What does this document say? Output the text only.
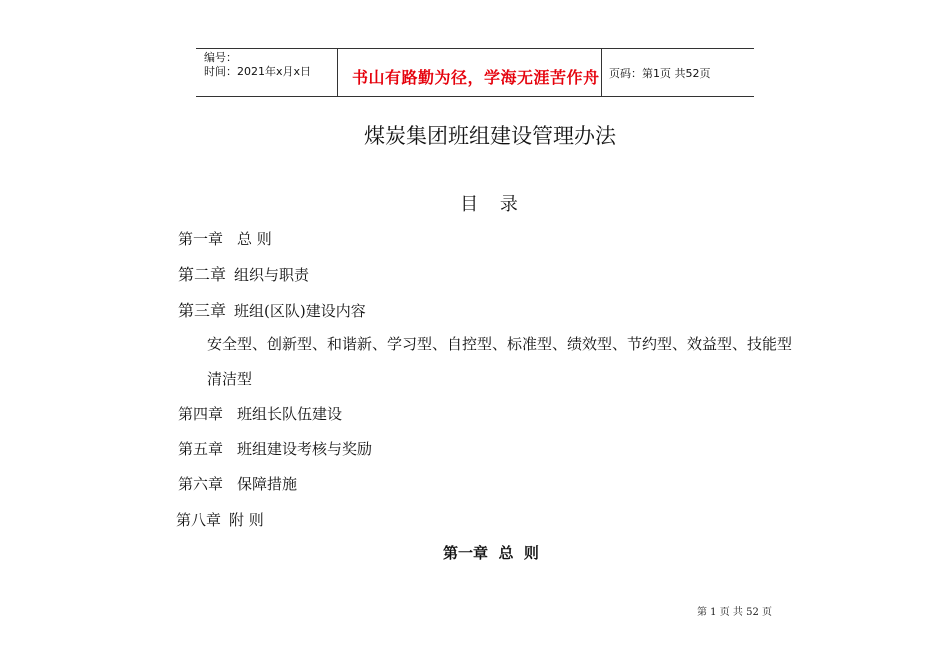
编号：
时间：2021年x月x日	书山有路勤为径，学海无涯苦作舟 页码：第1页 共52页
煤炭集团班组建设管理办法
目 录
第一章 总 则
第二章 组织与职责
第三章 班组(区队)建设内容
安全型、创新型、和谐新、学习型、自控型、标准型、绩效型、节约型、效益型、技能型
清洁型
第四章 班组长队伍建设
第五章 班组建设考核与奖励
第六章 保障措施
第八章 附 则
第一章  总  则
第 1 页 共 52 页
